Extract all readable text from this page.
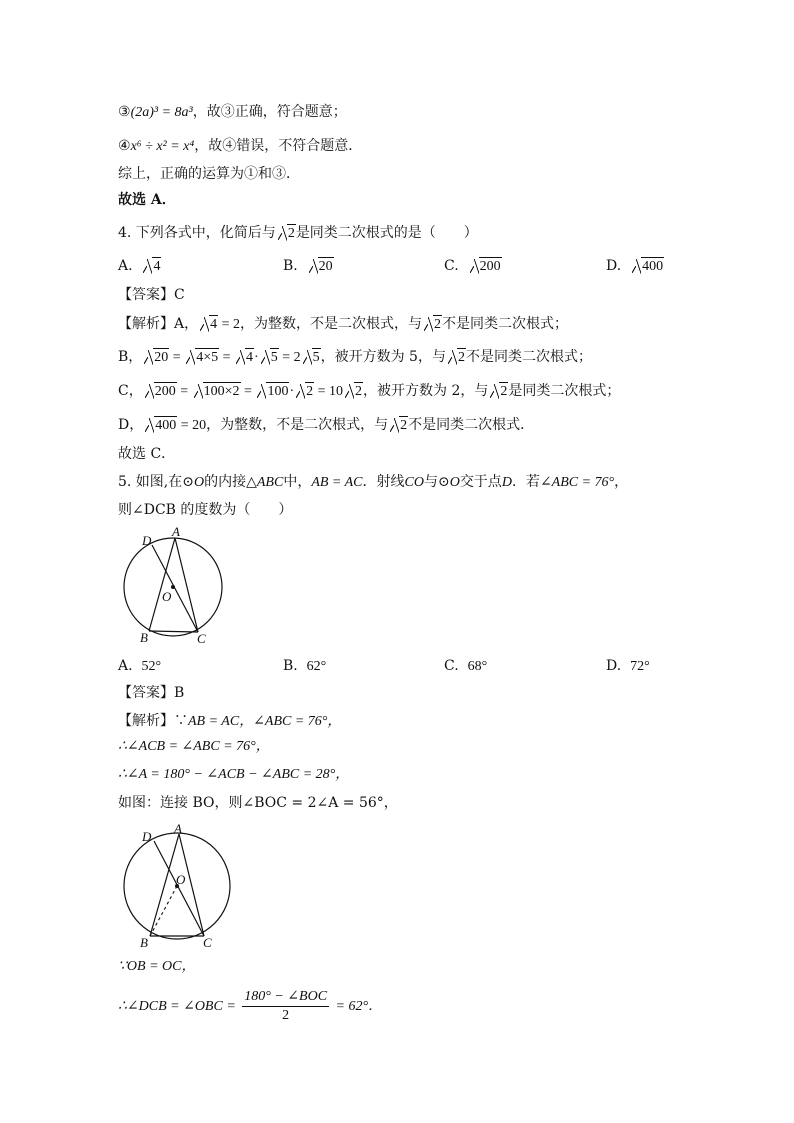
③(2a)³ = 8a³，故③正确，符合题意；
④x⁶ ÷ x² = x⁴，故④错误，不符合题意．
综上，正确的运算为①和③．
故选 A．
4. 下列各式中，化简后与 2是同类二次根式的是（　　）
A. 4	B. 20	C. 200	D. 400
【答案】C
【解析】A， 4 = 2，为整数，不是二次根式，与 2不是同类二次根式；
B， 20 = 4×5 = 4· 5 = 2 5，被开方数为 5，与 2不是同类二次根式；
C， 200 = 100×2 = 100· 2 = 10 2，被开方数为 2，与 2是同类二次根式；
D， 400 = 20，为整数，不是二次根式，与 2不是同类二次根式．
故选 C．
5. 如图,在⊙O的内接△ABC中，AB = AC．射线CO与⊙O交于点D．若∠ABC = 76°，
则∠DCB 的度数为（　　）
D
A
O
B	C
A. 52°	B. 62°	C. 68°	D. 72°
【答案】B
【解析】∵AB = AC，∠ABC = 76°，
∴∠ACB = ∠ABC = 76°，
∴∠A = 180° − ∠ACB − ∠ABC = 28°，
如图：连接 BO，则∠BOC = 2∠A = 56°，
D
A
O
B	C
∵OB = OC，
∴∠DCB = ∠OBC = $\frac{\text{180° − ∠BOC}}{2} = 62^\circ$．
